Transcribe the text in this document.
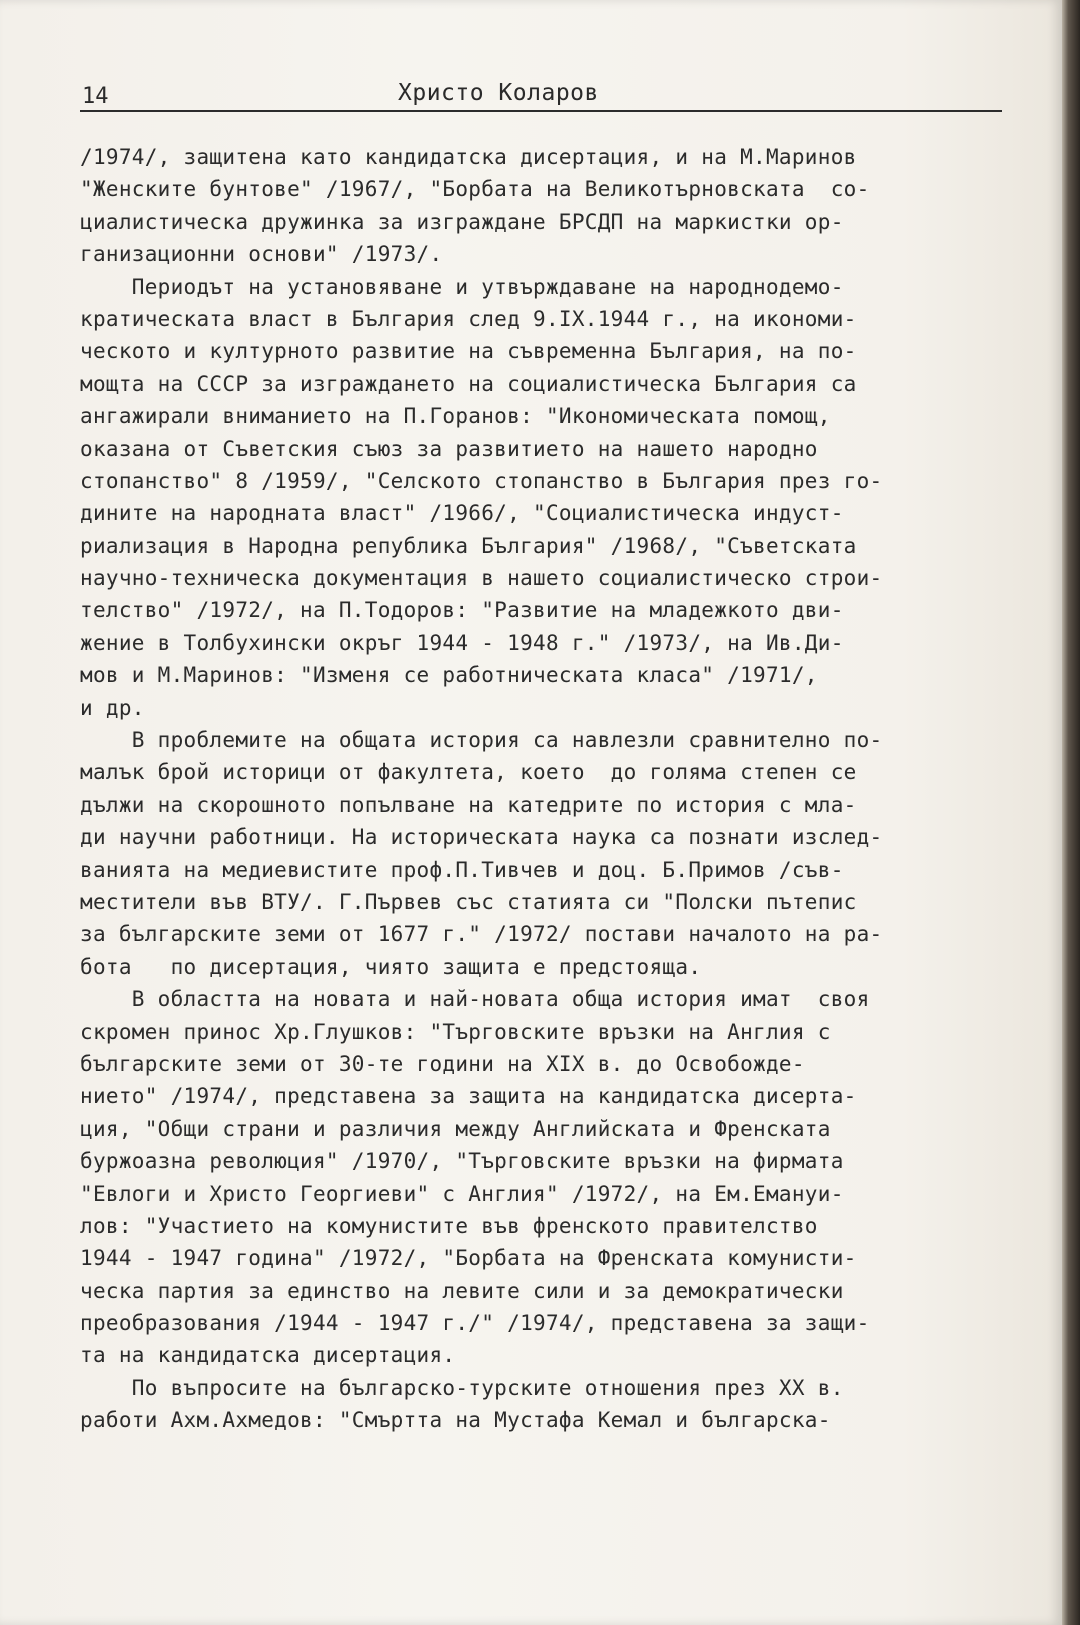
14	Христо Коларов
/1974/, защитена като кандидатска дисертация, и на М.Маринов
"Женските бунтове" /1967/, "Борбата на Великотърновската  со-
циалистическа дружинка за изграждане БРСДП на маркистки ор-
ганизационни основи" /1973/.
Периодът на установяване и утвърждаване на народнодемо-
кратическата власт в България след 9.IX.1944 г., на икономи-
ческото и културното развитие на съвременна България, на по-
мощта на СССР за изграждането на социалистическа България са
ангажирали вниманието на П.Горанов: "Икономическата помощ,
оказана от Съветския съюз за развитието на нашето народно
стопанство" 8 /1959/, "Селското стопанство в България през го-
дините на народната власт" /1966/, "Социалистическа индуст-
риализация в Народна република България" /1968/, "Съветската
научно-техническа документация в нашето социалистическо строи-
телство" /1972/, на П.Тодоров: "Развитие на младежкото дви-
жение в Толбухински окръг 1944 - 1948 г." /1973/, на Ив.Ди-
мов и М.Маринов: "Изменя се работническата класа" /1971/,
и др.
В проблемите на общата история са навлезли сравнително по-
малък брой историци от факултета, което  до голяма степен се
дължи на скорошното попълване на катедрите по история с мла-
ди научни работници. На историческата наука са познати изслед-
ванията на медиевистите проф.П.Тивчев и доц. Б.Примов /съв-
местители във ВТУ/. Г.Първев със статията си "Полски пътепис
за българските земи от 1677 г." /1972/ постави началото на ра-
бота   по дисертация, чиято защита е предстояща.
В областта на новата и най-новата обща история имат  своя
скромен принос Хр.Глушков: "Търговските връзки на Англия с
българските земи от 30-те години на XIX в. до Освобожде-
нието" /1974/, представена за защита на кандидатска дисерта-
ция, "Общи страни и различия между Английската и Френската
буржоазна революция" /1970/, "Търговските връзки на фирмата
"Евлоги и Христо Георгиеви" с Англия" /1972/, на Ем.Емануи-
лов: "Участието на комунистите във френското правителство
1944 - 1947 година" /1972/, "Борбата на Френската комунисти-
ческа партия за единство на левите сили и за демократически
преобразования /1944 - 1947 г./" /1974/, представена за защи-
та на кандидатска дисертация.
По въпросите на българско-турските отношения през XX в.
работи Ахм.Ахмедов: "Смъртта на Мустафа Кемал и българска-
